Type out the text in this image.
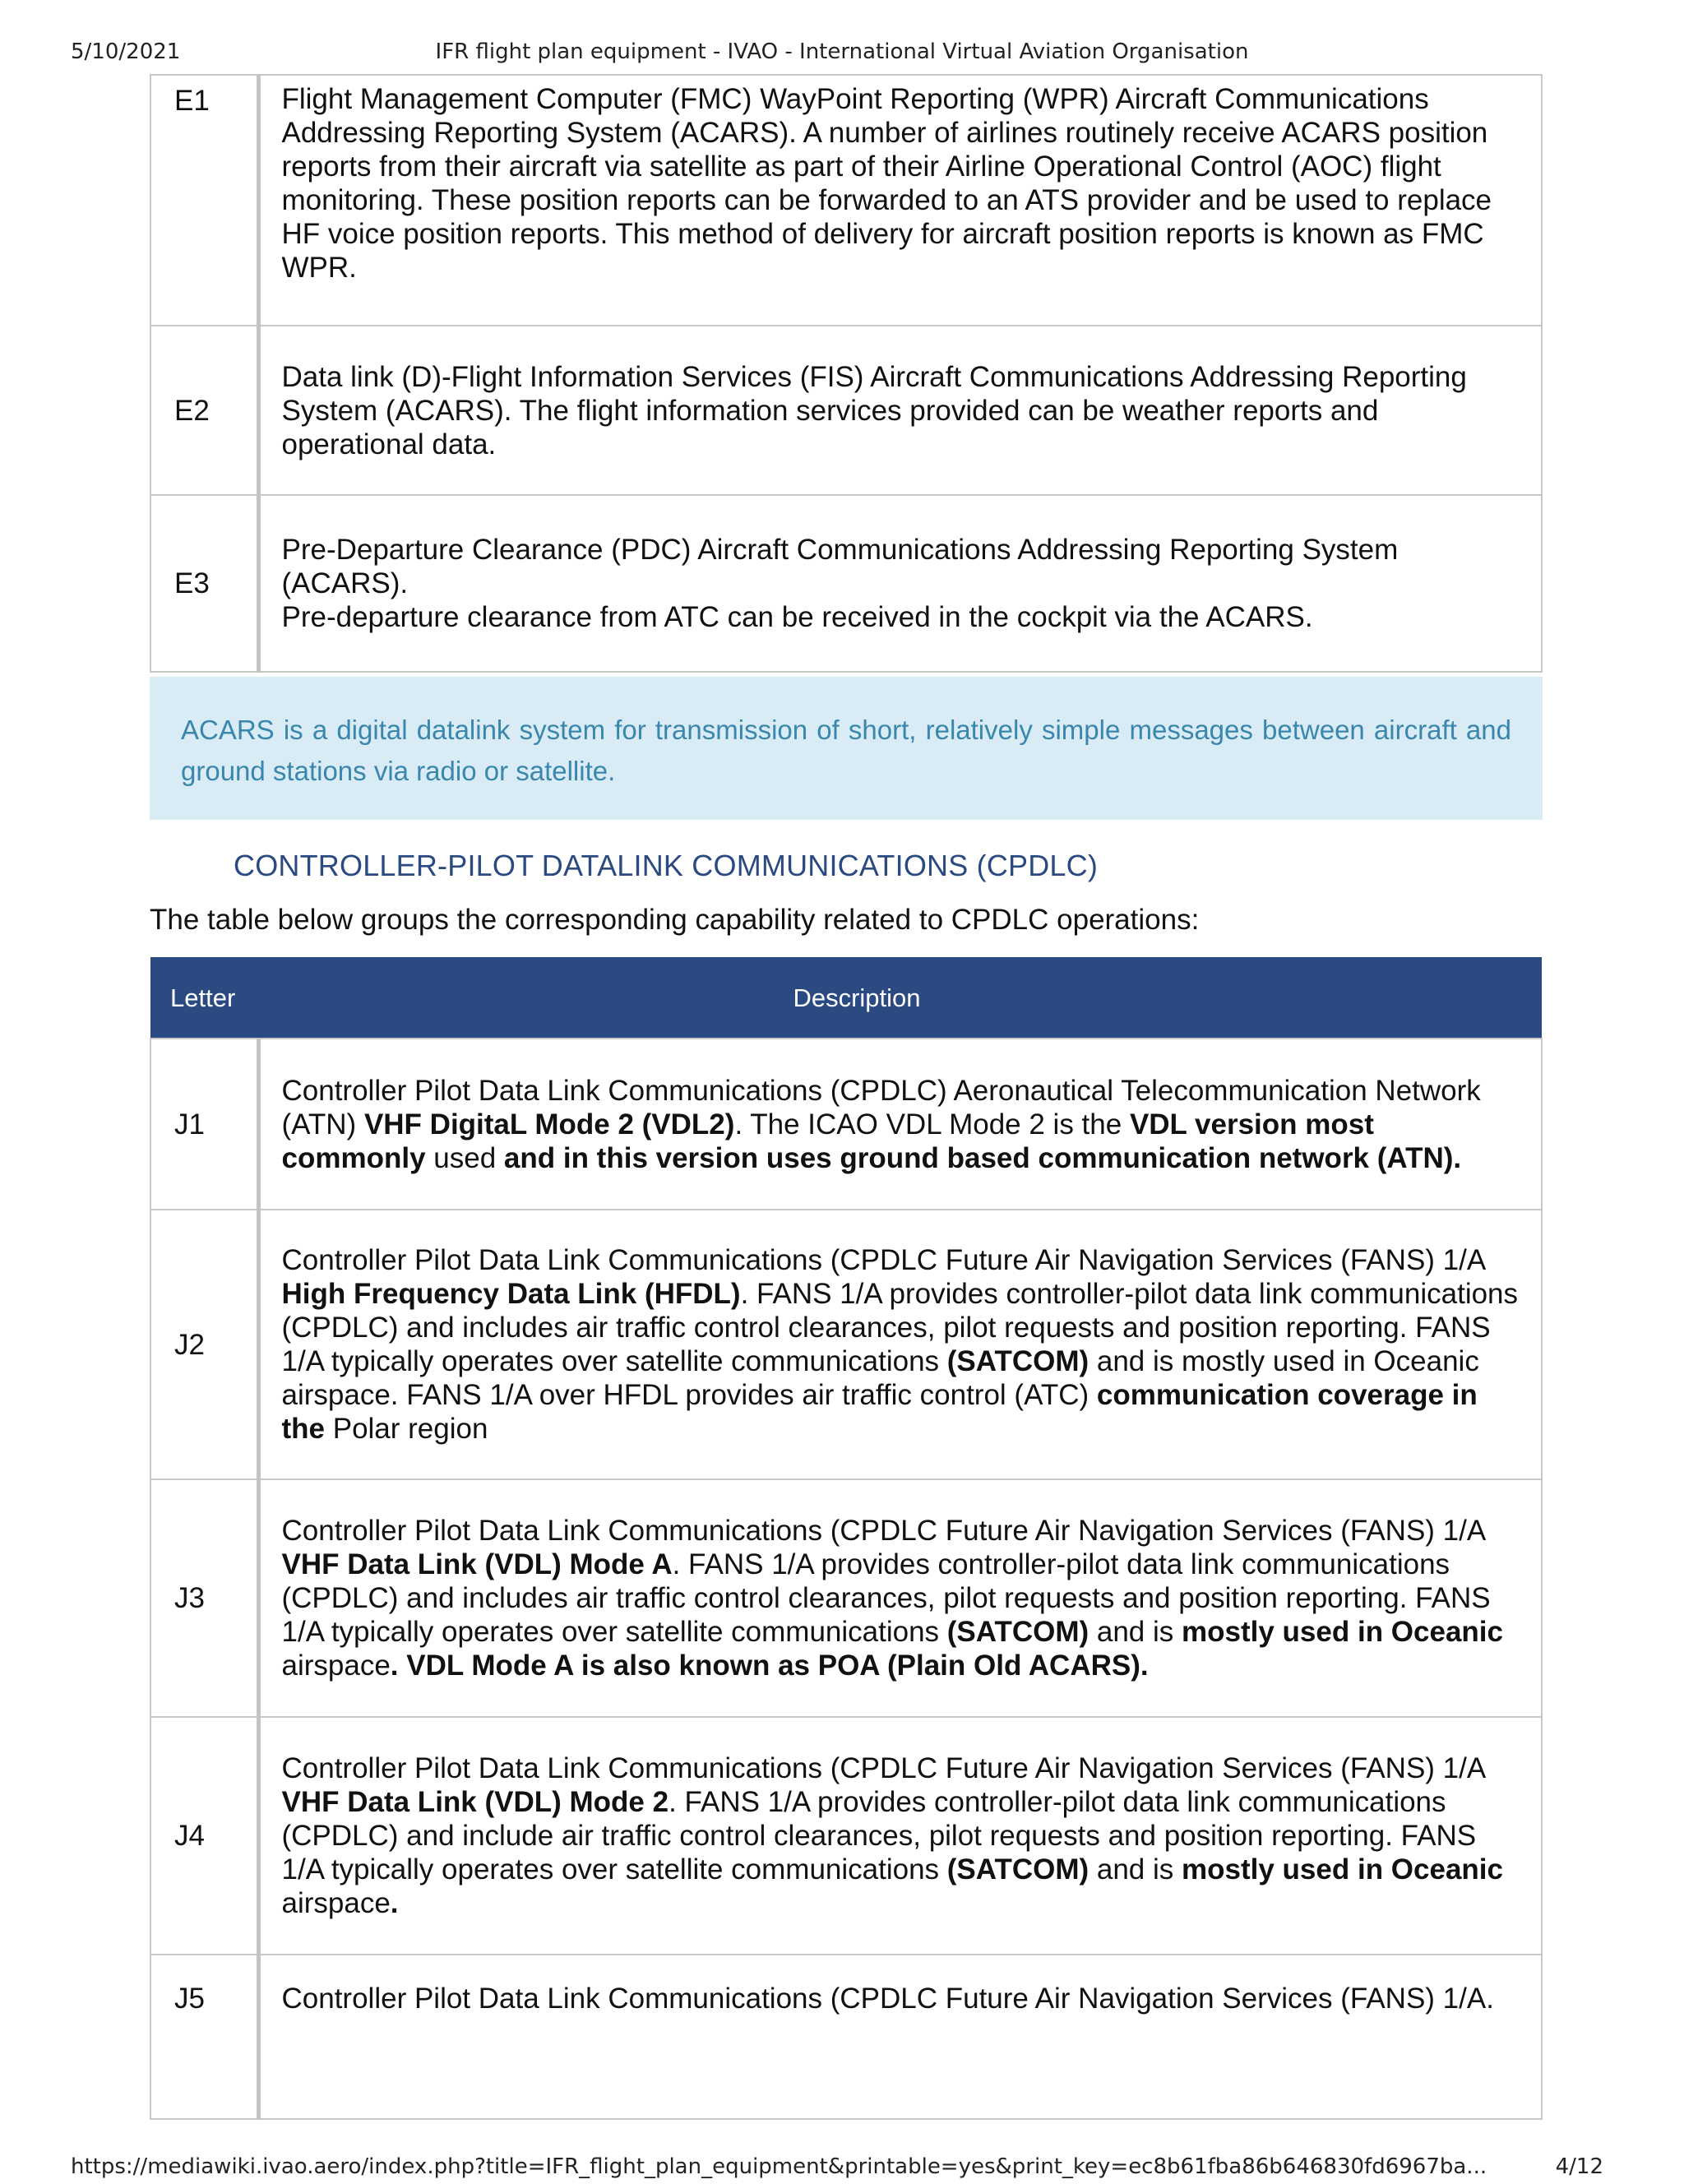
5/10/2021	IFR flight plan equipment - IVAO - International Virtual Aviation Organisation
E1	Flight Management Computer (FMC) WayPoint Reporting (WPR) Aircraft Communications Addressing Reporting System (ACARS). A number of airlines routinely receive ACARS position reports from their aircraft via satellite as part of their Airline Operational Control (AOC) flight monitoring. These position reports can be forwarded to an ATS provider and be used to replace HF voice position reports. This method of delivery for aircraft position reports is known as FMC WPR.
E2	Data link (D)-Flight Information Services (FIS) Aircraft Communications Addressing Reporting System (ACARS). The flight information services provided can be weather reports and operational data.
E3	Pre-Departure Clearance (PDC) Aircraft Communications Addressing Reporting System (ACARS).
Pre-departure clearance from ATC can be received in the cockpit via the ACARS.
ACARS is a digital datalink system for transmission of short, relatively simple messages between aircraft and ground stations via radio or satellite.
CONTROLLER-PILOT DATALINK COMMUNICATIONS (CPDLC)
The table below groups the corresponding capability related to CPDLC operations:
Letter	Description
J1	Controller Pilot Data Link Communications (CPDLC) Aeronautical Telecommunication Network (ATN) VHF DigitaL Mode 2 (VDL2). The ICAO VDL Mode 2 is the VDL version most commonly used and in this version uses ground based communication network (ATN).
J2	Controller Pilot Data Link Communications (CPDLC Future Air Navigation Services (FANS) 1/A High Frequency Data Link (HFDL). FANS 1/A provides controller-pilot data link communications (CPDLC) and includes air traffic control clearances, pilot requests and position reporting. FANS 1/A typically operates over satellite communications (SATCOM) and is mostly used in Oceanic airspace. FANS 1/A over HFDL provides air traffic control (ATC) communication coverage in the Polar region
J3	Controller Pilot Data Link Communications (CPDLC Future Air Navigation Services (FANS) 1/A VHF Data Link (VDL) Mode A. FANS 1/A provides controller-pilot data link communications (CPDLC) and includes air traffic control clearances, pilot requests and position reporting. FANS 1/A typically operates over satellite communications (SATCOM) and is mostly used in Oceanic airspace. VDL Mode A is also known as POA (Plain Old ACARS).
J4	Controller Pilot Data Link Communications (CPDLC Future Air Navigation Services (FANS) 1/A VHF Data Link (VDL) Mode 2. FANS 1/A provides controller-pilot data link communications (CPDLC) and include air traffic control clearances, pilot requests and position reporting. FANS 1/A typically operates over satellite communications (SATCOM) and is mostly used in Oceanic airspace.
J5	Controller Pilot Data Link Communications (CPDLC Future Air Navigation Services (FANS) 1/A.
https://mediawiki.ivao.aero/index.php?title=IFR_flight_plan_equipment&printable=yes&print_key=ec8b61fba86b646830fd6967ba...	4/12
